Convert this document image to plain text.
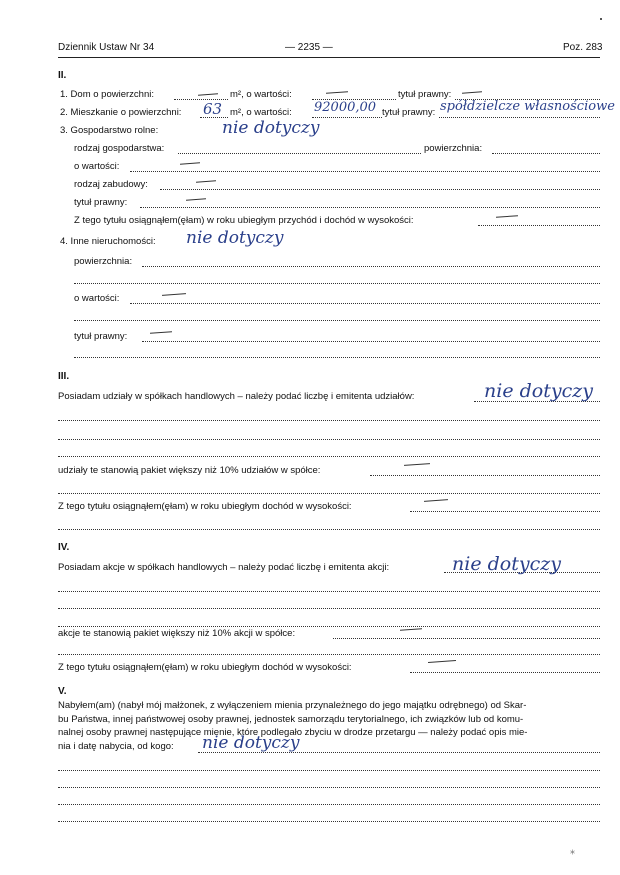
Dziennik Ustaw Nr 34	— 2235 —	Poz. 283
II.
1. Dom o powierzchni:	m², o wartości:	tytuł prawny:
2. Mieszkanie o powierzchni: 63 m², o wartości: 92000,00 tytuł prawny: spółdzielcze własnościowe
3. Gospodarstwo rolne:	nie dotyczy
rodzaj gospodarstwa:	powierzchnia:
o wartości:
rodzaj zabudowy:
tytuł prawny:
Z tego tytułu osiągnąłem(ęłam) w roku ubiegłym przychód i dochód w wysokości:
4. Inne nieruchomości: nie dotyczy
powierzchnia:
o wartości:
tytuł prawny:
III.
Posiadam udziały w spółkach handlowych – należy podać liczbę i emitenta udziałów:	nie dotyczy
udziały te stanowią pakiet większy niż 10% udziałów w spółce:
Z tego tytułu osiągnąłem(ęłam) w roku ubiegłym dochód w wysokości:
IV.
Posiadam akcje w spółkach handlowych – należy podać liczbę i emitenta akcji:	nie dotyczy
akcje te stanowią pakiet większy niż 10% akcji w spółce:
Z tego tytułu osiągnąłem(ęłam) w roku ubiegłym dochód w wysokości:
V.
Nabyłem(am) (nabył mój małżonek, z wyłączeniem mienia przynależnego do jego majątku odrębnego) od Skar-
bu Państwa, innej państwowej osoby prawnej, jednostek samorządu terytorialnego, ich związków lub od komu-
nalnej osoby prawnej następujące mienie, które podlegało zbyciu w drodze przetargu — należy podać opis mie-
nia i datę nabycia, od kogo:	nie dotyczy
⁎
